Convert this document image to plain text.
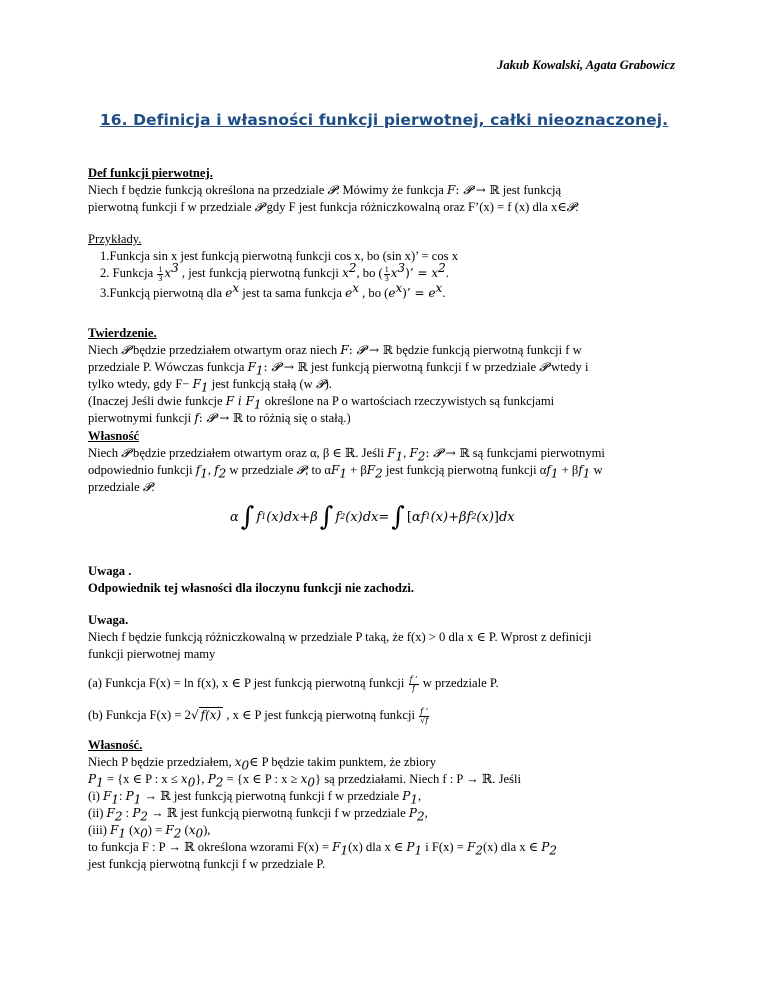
Jakub Kowalski, Agata Grabowicz
16. Definicja i własności funkcji pierwotnej, całki nieoznaczonej.
Def funkcji pierwotnej.
Niech f będzie funkcją określona na przedziale 𝓟. Mówimy że funkcja F: 𝓟 → ℝ jest funkcją
pierwotną funkcji f w przedziale 𝓟 gdy F jest funkcja różniczkowalną oraz F’(x) = f (x) dla x∈𝓟.
Przykłady.
1.Funkcja sin x jest funkcją pierwotną funkcji cos x, bo (sin x)’ = cos x
2. Funkcja $\frac{1}{3} x^3$ , jest funkcją pierwotną funkcji $x^2$, bo ( $\frac{1}{3} x^3$)’ = $x^2$.
3.Funkcją pierwotną dla $e^x$ jest ta sama funkcja $e^x$ , bo $(e^x)$’ = $e^x$.
Twierdzenie.
Niech 𝓟 będzie przedziałem otwartym oraz niech F: 𝓟 → ℝ będzie funkcją pierwotną funkcji f w
przedziale P. Wówczas funkcja $F_1$: 𝓟 → ℝ jest funkcją pierwotną funkcji f w przedziale 𝓟 wtedy i
tylko wtedy, gdy $F- F_1$ jest funkcją stałą (w 𝓟).
(Inaczej Jeśli dwie funkcje F i $F_1$ określone na P o wartościach rzeczywistych są funkcjami
pierwotnymi funkcji f: 𝓟 → ℝ to różnią się o stałą.)
Własność
Niech 𝓟 będzie przedziałem otwartym oraz α, β ∈ ℝ. Jeśli $F_1$, $F_2$: 𝓟 → ℝ są funkcjami pierwotnymi
odpowiednio funkcji $f_1$, $f_2$ w przedziale 𝓟, to $\alpha F_1 + \beta F_2$ jest funkcją pierwotną funkcji $\alpha f_1 + \beta f_1$ w
przedziale 𝓟.
α ∫ f 1 (x)dx + β ∫ f 2 (x)dx = ∫ [ α f 1 (x) + β f 2 (x) ] dx
Uwaga .
Odpowiednik tej własności dla iloczynu funkcji nie zachodzi.
Uwaga.
Niech f będzie funkcją różniczkowalną w przedziale P taką, że f(x) > 0 dla x ∈ P. Wprost z definicji
funkcji pierwotnej mamy
(a) Funkcja F(x) = ln f(x), x ∈ P jest funkcją pierwotną funkcji $\frac{f ’}{f}$ w przedziale P.
(b) Funkcja F(x) = 2√ f(x) , x ∈ P jest funkcją pierwotną funkcji $\frac{f ’}{√f}$
Własność.
Niech P będzie przedziałem, $x_0\in$ P będzie takim punktem, że zbiory
$P_1 = \{x$ ∈ P : $x \le x_0$}, $P_2 = \{x$ ∈ P : $x \ge x_0$} są przedziałami. Niech f : P → ℝ. Jeśli
(i) $F_1$: $P_1$ → ℝ jest funkcją pierwotną funkcji f w przedziale $P_1$,
(ii) $F_2$ : $P_2$ → ℝ jest funkcją pierwotną funkcji f w przedziale $P_2$,
(iii) $F_1$ $(x_0) = F_2$ $(x_0)$,
to funkcja F : P → ℝ określona wzorami $F(x) = F_1(x)$ dla x ∈ $P_1$ i $F(x) = F_2(x)$ dla x ∈ $P_2$
jest funkcją pierwotną funkcji f w przedziale P.
